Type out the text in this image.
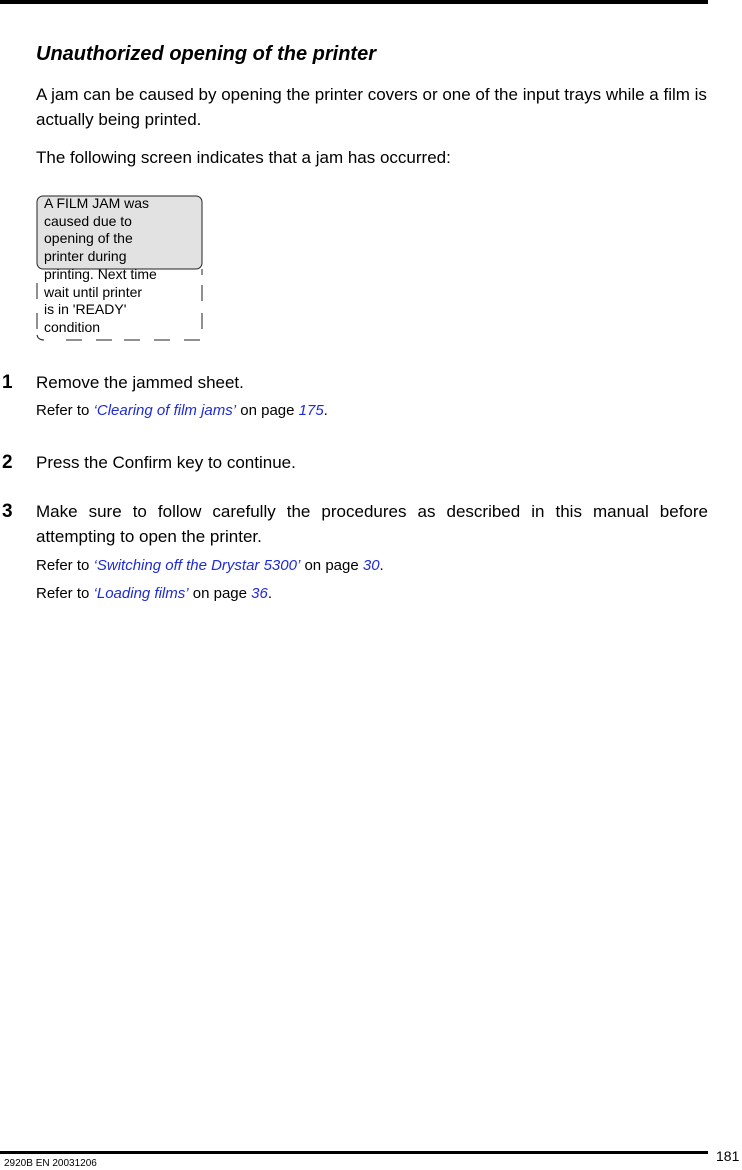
Unauthorized opening of the printer

A jam can be caused by opening the printer covers or one of the input trays while a film is actually being printed.

The following screen indicates that a jam has occurred:

A FILM JAM was
caused due to
opening of the
printer during
printing. Next time
wait until printer
is in 'READY'
condition

1	Remove the jammed sheet.

Refer to ‘Clearing of film jams’ on page 175.

2	Press the Confirm key to continue.

3	Make sure to follow carefully the procedures as described in this manual before attempting to open the printer.

Refer to ‘Switching off the Drystar 5300’ on page 30.

Refer to ‘Loading films’ on page 36.

2920B EN 20031206	181
